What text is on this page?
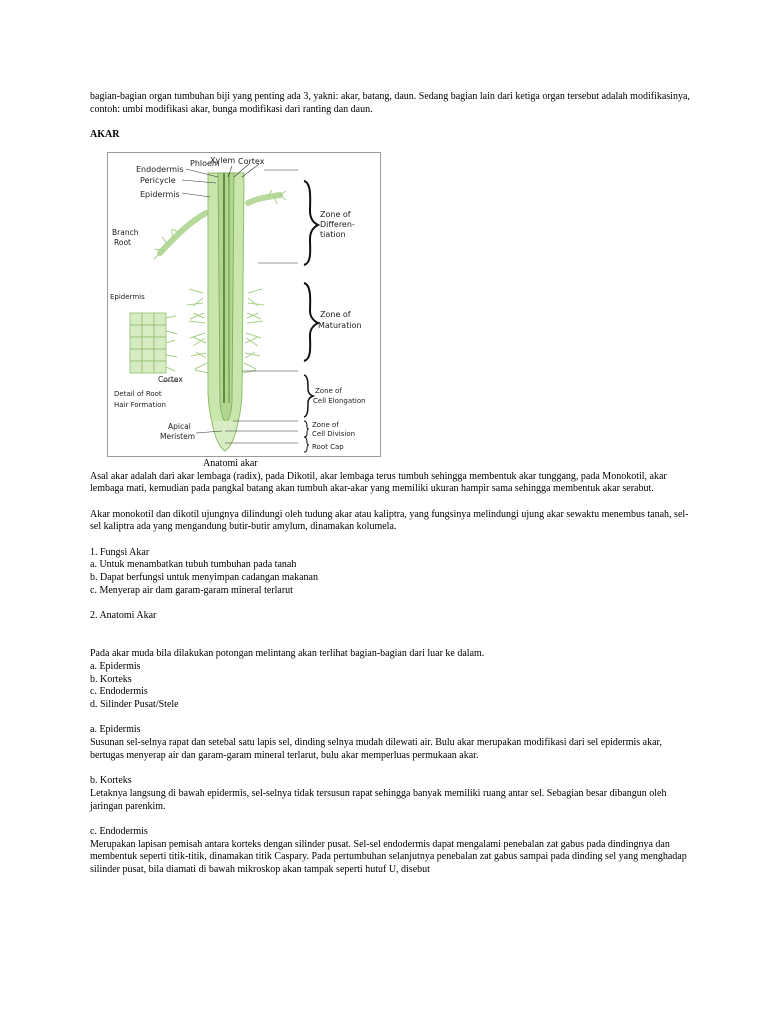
bagian-bagian organ tumbuhan biji yang penting ada 3, yakni: akar, batang, daun. Sedang bagian lain dari ketiga organ tersebut adalah modifikasinya, contoh: umbi modifikasi akar, bunga modifikasi dari ranting dan daun.

AKAR

Endodermis
Pericycle
Epidermis
Phloem
Xylem Cortex
Branch
Root
Epidermis
Cortex
Detail of Root
Hair Formation
Apical
Meristem
Zone of
Differen-
tiation
Zone of
Maturation
Zone of
Cell Elongation
Zone of
Cell Division
Root Cap

Anatomi akar

Asal akar adalah dari akar lembaga (radix), pada Dikotil, akar lembaga terus tumbuh sehingga membentuk akar tunggang, pada Monokotil, akar lembaga mati, kemudian pada pangkal batang akan tumbuh akar-akar yang memiliki ukuran hampir sama sehingga membentuk akar serabut.

Akar monokotil dan dikotil ujungnya dilindungi oleh tudung akar atau kaliptra, yang fungsinya melindungi ujung akar sewaktu menembus tanah, sel-sel kaliptra ada yang mengandung butir-butir amylum, dinamakan kolumela.

1. Fungsi Akar

a. Untuk menambatkan tubuh tumbuhan pada tanah

b. Dapat berfungsi untuk menyimpan cadangan makanan

c. Menyerap air dam garam-garam mineral terlarut

2. Anatomi Akar

Pada akar muda bila dilakukan potongan melintang akan terlihat bagian-bagian dari luar ke dalam.

a. Epidermis

b. Korteks

c. Endodermis

d. Silinder Pusat/Stele

a. Epidermis

Susunan sel-selnya rapat dan setebal satu lapis sel, dinding selnya mudah dilewati air. Bulu akar merupakan modifikasi dari sel epidermis akar, bertugas menyerap air dan garam-garam mineral terlarut, bulu akar memperluas permukaan akar.

b. Korteks

Letaknya langsung di bawah epidermis, sel-selnya tidak tersusun rapat sehingga banyak memiliki ruang antar sel. Sebagian besar dibangun oleh jaringan parenkim.

c. Endodermis

Merupakan lapisan pemisah antara korteks dengan silinder pusat. Sel-sel endodermis dapat mengalami penebalan zat gabus pada dindingnya dan membentuk seperti titik-titik, dinamakan titik Caspary. Pada pertumbuhan selanjutnya penebalan zat gabus sampai pada dinding sel yang menghadap silinder pusat, bila diamati di bawah mikroskop akan tampak seperti hutuf U, disebut
